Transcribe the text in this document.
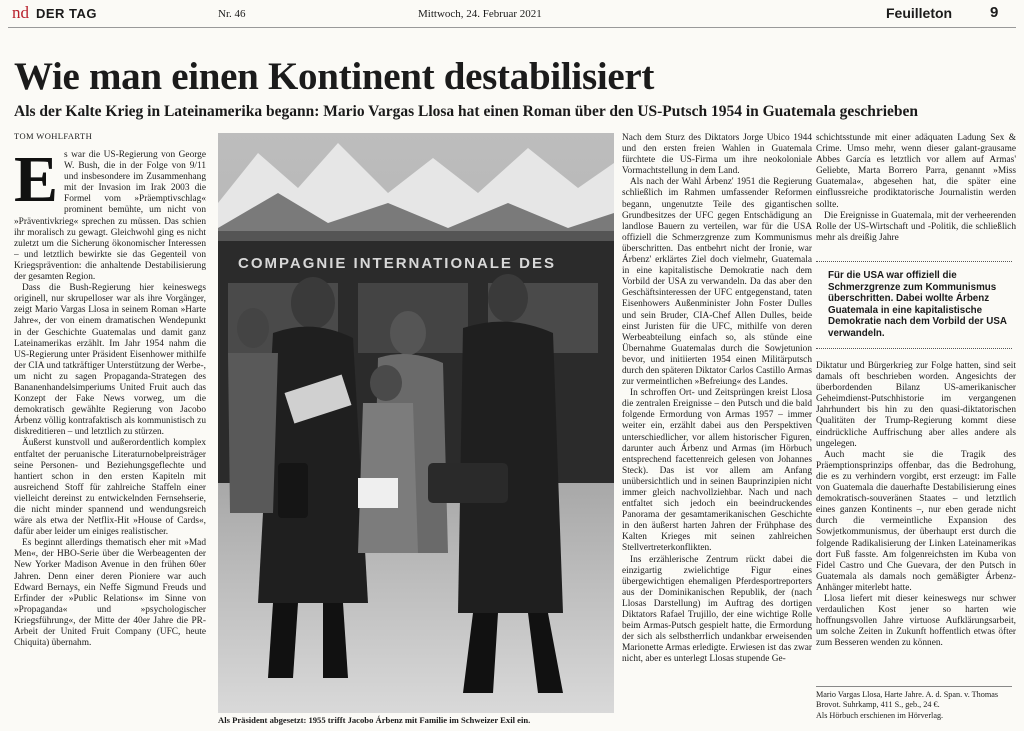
nd DER TAG	Nr. 46	Mittwoch, 24. Februar 2021	Feuilleton	9
Wie man einen Kontinent destabilisiert
Als der Kalte Krieg in Lateinamerika begann: Mario Vargas Llosa hat einen Roman über den US-Putsch 1954 in Guatemala geschrieben
TOM WOHLFARTH

Es war die US-Regierung von George W. Bush, die in der Folge von 9/11 und insbesondere im Zusammenhang mit der Invasion im Irak 2003 die Formel vom »Präemptivschlag« prominent bemühte, um nicht von »Präventivkrieg« sprechen zu müssen. Das schien ihr moralisch zu gewagt. Gleichwohl ging es nicht zuletzt um die Sicherung ökonomischer Interessen – und letztlich bewirkte sie das Gegenteil von Kriegsprävention: die anhaltende Destabilisierung der gesamten Region.

Dass die Bush-Regierung hier keineswegs originell, nur skrupelloser war als ihre Vorgänger, zeigt Mario Vargas Llosa in seinem Roman »Harte Jahre«, der von einem dramatischen Wendepunkt in der Geschichte Guatemalas und damit ganz Lateinamerikas erzählt. Im Jahr 1954 nahm die US-Regierung unter Präsident Eisenhower mithilfe der CIA und tatkräftiger Unterstützung der Werbe-, um nicht zu sagen Propaganda-Strategen des Bananenhandelsimperiums United Fruit auch das Konzept der Fake News vorweg, um die demokratisch gewählte Regierung von Jacobo Árbenz völlig kontrafaktisch als kommunistisch zu diskreditieren – und letztlich zu stürzen.

Äußerst kunstvoll und außerordentlich komplex entfaltet der peruanische Literaturnobelpreisträger seine Personen- und Beziehungsgeflechte und hantiert schon in den ersten Kapiteln mit ausreichend Stoff für zahlreiche Staffeln einer vielleicht dereinst zu entwickelnden Fernsehserie, die nicht minder spannend und wendungsreich wäre als etwa der Netflix-Hit »House of Cards«, dafür aber leider um einiges realistischer.

Es beginnt allerdings thematisch eher mit »Mad Men«, der HBO-Serie über die Werbeagenten der New Yorker Madison Avenue in den frühen 60er Jahren. Denn einer deren Pioniere war auch Edward Bernays, ein Neffe Sigmund Freuds und Erfinder der »Public Relations« im Sinne von »Propaganda« und »psychologischer Kriegsführung«, der Mitte der 40er Jahre die PR-Arbeit der United Fruit Company (UFC, heute Chiquita) übernahm.

COMPAGNIE INTERNATIONALE DES
Als Präsident abgesetzt: 1955 trifft Jacobo Árbenz mit Familie im Schweizer Exil ein.

Nach dem Sturz des Diktators Jorge Ubico 1944 und den ersten freien Wahlen in Guatemala fürchtete die US-Firma um ihre neokoloniale Vormachtstellung in dem Land.

Als nach der Wahl Árbenz' 1951 die Regierung schließlich im Rahmen umfassender Reformen begann, ungenutzte Teile des gigantischen Grundbesitzes der UFC gegen Entschädigung an landlose Bauern zu verteilen, war für die USA offiziell die Schmerzgrenze zum Kommunismus überschritten. Das entbehrt nicht der Ironie, war Árbenz' erklärtes Ziel doch vielmehr, Guatemala in eine kapitalistische Demokratie nach dem Vorbild der USA zu verwandeln. Da das aber den Geschäftsinteressen der UFC entgegenstand, taten Eisenhowers Außenminister John Foster Dulles und sein Bruder, CIA-Chef Allen Dulles, beide einst Juristen für die UFC, mithilfe von deren Werbeabteilung einfach so, als stünde eine Übernahme Guatemalas durch die Sowjetunion bevor, und initiierten 1954 einen Militärputsch durch den späteren Diktator Carlos Castillo Armas zur vermeintlichen »Befreiung« des Landes.

In schroffen Ort- und Zeitsprüngen kreist Llosa die zentralen Ereignisse – den Putsch und die bald folgende Ermordung von Armas 1957 – immer weiter ein, erzählt dabei aus den Perspektiven unterschiedlicher, vor allem historischer Figuren, darunter auch Árbenz und Armas (im Hörbuch entsprechend facettenreich gelesen von Johannes Steck). Das ist vor allem am Anfang unübersichtlich und in seinen Bauprinzipien nicht immer gleich nachvollziehbar. Nach und nach entfaltet sich jedoch ein beeindruckendes Panorama der gesamtamerikanischen Geschichte in den äußerst harten Jahren der Frühphase des Kalten Krieges mit seinen zahlreichen Stellvertreterkonflikten.

Ins erzählerische Zentrum rückt dabei die einzigartig zwielichtige Figur eines übergewichtigen ehemaligen Pferdesportreporters aus der Dominikanischen Republik, der (nach Llosas Darstellung) im Auftrag des dortigen Diktators Rafael Trujillo, der eine wichtige Rolle beim Armas-Putsch gespielt hatte, die Ermordung der sich als selbstherrlich undankbar erweisenden Marionette Armas erledigte. Erwiesen ist das zwar nicht, aber es unterlegt Llosas stupende Ge-

schichtsstunde mit einer adäquaten Ladung Sex & Crime. Umso mehr, wenn dieser galant-grausame Abbes García es letztlich vor allem auf Armas' Geliebte, Marta Borrero Parra, genannt »Miss Guatemala«, abgesehen hat, die später eine einflussreiche prodiktatorische Journalistin werden sollte.

Die Ereignisse in Guatemala, mit der verheerenden Rolle der US-Wirtschaft und -Politik, die schließlich mehr als dreißig Jahre

Für die USA war offiziell die Schmerzgrenze zum Kommunismus überschritten. Dabei wollte Árbenz Guatemala in eine kapitalistische Demokratie nach dem Vorbild der USA verwandeln.

Diktatur und Bürgerkrieg zur Folge hatten, sind seit damals oft beschrieben worden. Angesichts der überbordenden Bilanz US-amerikanischer Geheimdienst-Putschhistorie im vergangenen Jahrhundert bis hin zu den quasi-diktatorischen Qualitäten der Trump-Regierung kommt diese eindrückliche Auffrischung aber alles andere als ungelegen.

Auch macht sie die Tragik des Präemptionsprinzips offenbar, das die Bedrohung, die es zu verhindern vorgibt, erst erzeugt: im Falle von Guatemala die dauerhafte Destabilisierung eines demokratisch-souveränen Staates – und letztlich eines ganzen Kontinents –, nur eben gerade nicht durch die vermeintliche Expansion des Sowjetkommunismus, der überhaupt erst durch die folgende Radikalisierung der Linken Lateinamerikas dort Fuß fasste. Am folgenreichsten im Kuba von Fidel Castro und Che Guevara, der den Putsch in Guatemala als damals noch gemäßigter Árbenz-Anhänger miterlebt hatte.

Llosa liefert mit dieser keineswegs nur schwer verdaulichen Kost jener so harten wie hoffnungsvollen Jahre virtuose Aufklärungsarbeit, um solche Zeiten in Zukunft hoffentlich etwas öfter zum Besseren wenden zu können.

Mario Vargas Llosa, Harte Jahre. A. d. Span. v. Thomas Brovot. Suhrkamp, 411 S., geb., 24 €.
Als Hörbuch erschienen im Hörverlag.
